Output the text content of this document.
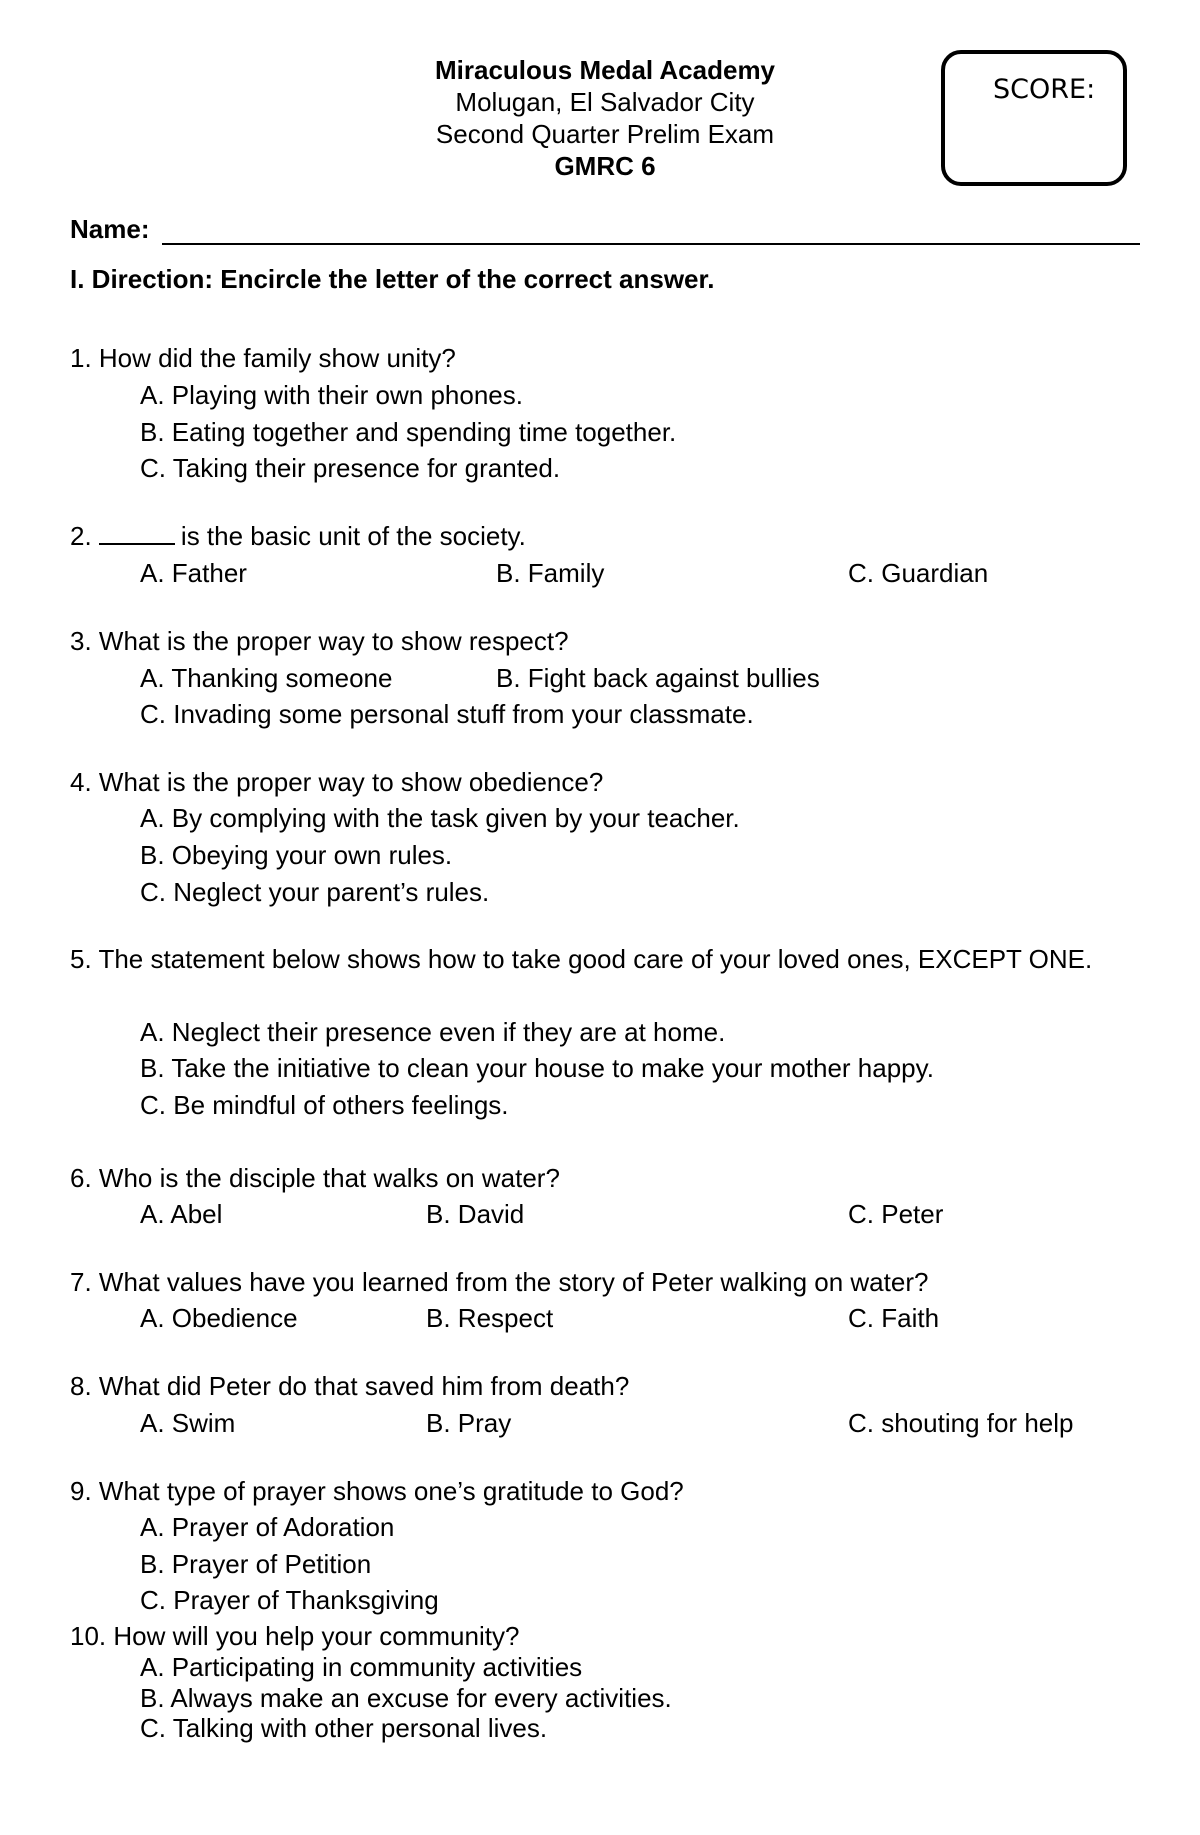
Miraculous Medal Academy
Molugan, El Salvador City
Second Quarter Prelim Exam
GMRC 6
SCORE:
Name:
I. Direction: Encircle the letter of the correct answer.
1. How did the family show unity?
A. Playing with their own phones.
B. Eating together and spending time together.
C. Taking their presence for granted.
2.	is the basic unit of the society.
A. Father	B. Family	C. Guardian
3. What is the proper way to show respect?
A. Thanking someone	B. Fight back against bullies
C. Invading some personal stuff from your classmate.
4. What is the proper way to show obedience?
A. By complying with the task given by your teacher.
B. Obeying your own rules.
C. Neglect your parent’s rules.
5. The statement below shows how to take good care of your loved ones, EXCEPT ONE.
A. Neglect their presence even if they are at home.
B. Take the initiative to clean your house to make your mother happy.
C. Be mindful of others feelings.
6. Who is the disciple that walks on water?
A. Abel	B. David	C. Peter
7. What values have you learned from the story of Peter walking on water?
A. Obedience	B. Respect	C. Faith
8. What did Peter do that saved him from death?
A. Swim	B. Pray	C. shouting for help
9. What type of prayer shows one’s gratitude to God?
A. Prayer of Adoration
B. Prayer of Petition
C. Prayer of Thanksgiving
10. How will you help your community?
A. Participating in community activities
B. Always make an excuse for every activities.
C. Talking with other personal lives.
